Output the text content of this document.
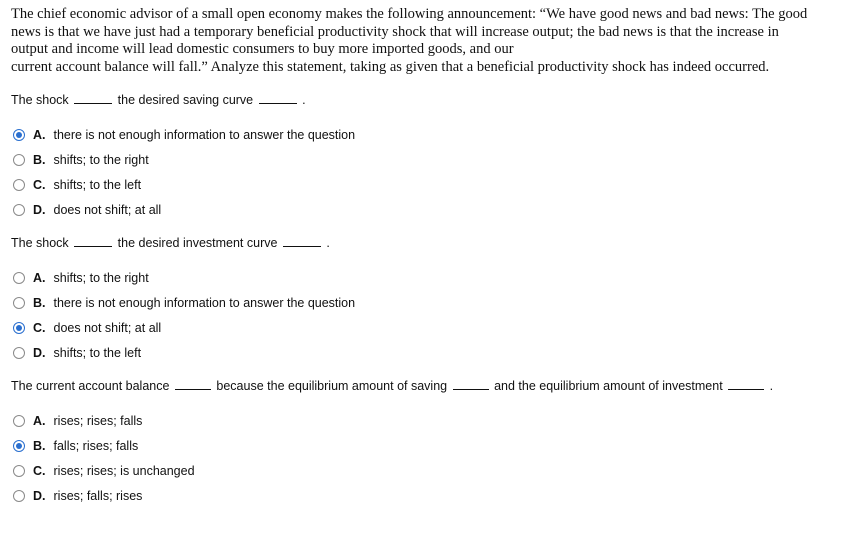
The chief economic advisor of a small open economy makes the following announcement: “We have good news and bad news: The good
news is that we have just had a temporary beneficial productivity shock that will increase output; the bad news is that the increase in
output and income will lead domestic consumers to buy more imported goods, and our
current account balance will fall.” Analyze this statement, taking as given that a beneficial productivity shock has indeed occurred.
The shock	the desired saving curve	.
A. there is not enough information to answer the question
B. shifts; to the right
C. shifts; to the left
D. does not shift; at all
The shock	the desired investment curve	.
A. shifts; to the right
B. there is not enough information to answer the question
C. does not shift; at all
D. shifts; to the left
The current account balance	because the equilibrium amount of saving	and the equilibrium amount of investment	.
A. rises; rises; falls
B. falls; rises; falls
C. rises; rises; is unchanged
D. rises; falls; rises
